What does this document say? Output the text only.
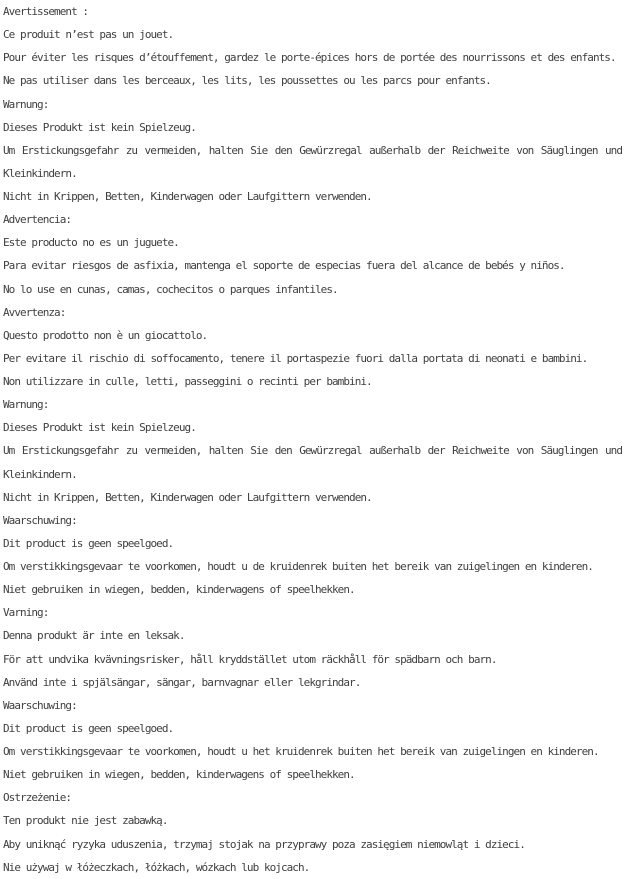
Avertissement :

Ce produit n’est pas un jouet.

Pour éviter les risques d’étouffement, gardez le porte-épices hors de portée des nourrissons et des enfants.

Ne pas utiliser dans les berceaux, les lits, les poussettes ou les parcs pour enfants.

Warnung:

Dieses Produkt ist kein Spielzeug.

Um Erstickungsgefahr zu vermeiden, halten Sie den Gewürzregal außerhalb der Reichweite von Säuglingen und Kleinkindern.

Nicht in Krippen, Betten, Kinderwagen oder Laufgittern verwenden.

Advertencia:

Este producto no es un juguete.

Para evitar riesgos de asfixia, mantenga el soporte de especias fuera del alcance de bebés y niños.

No lo use en cunas, camas, cochecitos o parques infantiles.

Avvertenza:

Questo prodotto non è un giocattolo.

Per evitare il rischio di soffocamento, tenere il portaspezie fuori dalla portata di neonati e bambini.

Non utilizzare in culle, letti, passeggini o recinti per bambini.

Warnung:

Dieses Produkt ist kein Spielzeug.

Um Erstickungsgefahr zu vermeiden, halten Sie den Gewürzregal außerhalb der Reichweite von Säuglingen und Kleinkindern.

Nicht in Krippen, Betten, Kinderwagen oder Laufgittern verwenden.

Waarschuwing:

Dit product is geen speelgoed.

Om verstikkingsgevaar te voorkomen, houdt u de kruidenrek buiten het bereik van zuigelingen en kinderen.

Niet gebruiken in wiegen, bedden, kinderwagens of speelhekken.

Varning:

Denna produkt är inte en leksak.

För att undvika kvävningsrisker, håll kryddstället utom räckhåll för spädbarn och barn.

Använd inte i spjälsängar, sängar, barnvagnar eller lekgrindar.

Waarschuwing:

Dit product is geen speelgoed.

Om verstikkingsgevaar te voorkomen, houdt u het kruidenrek buiten het bereik van zuigelingen en kinderen.

Niet gebruiken in wiegen, bedden, kinderwagens of speelhekken.

Ostrzeżenie:

Ten produkt nie jest zabawką.

Aby uniknąć ryzyka uduszenia, trzymaj stojak na przyprawy poza zasięgiem niemowląt i dzieci.

Nie używaj w łóżeczkach, łóżkach, wózkach lub kojcach.
